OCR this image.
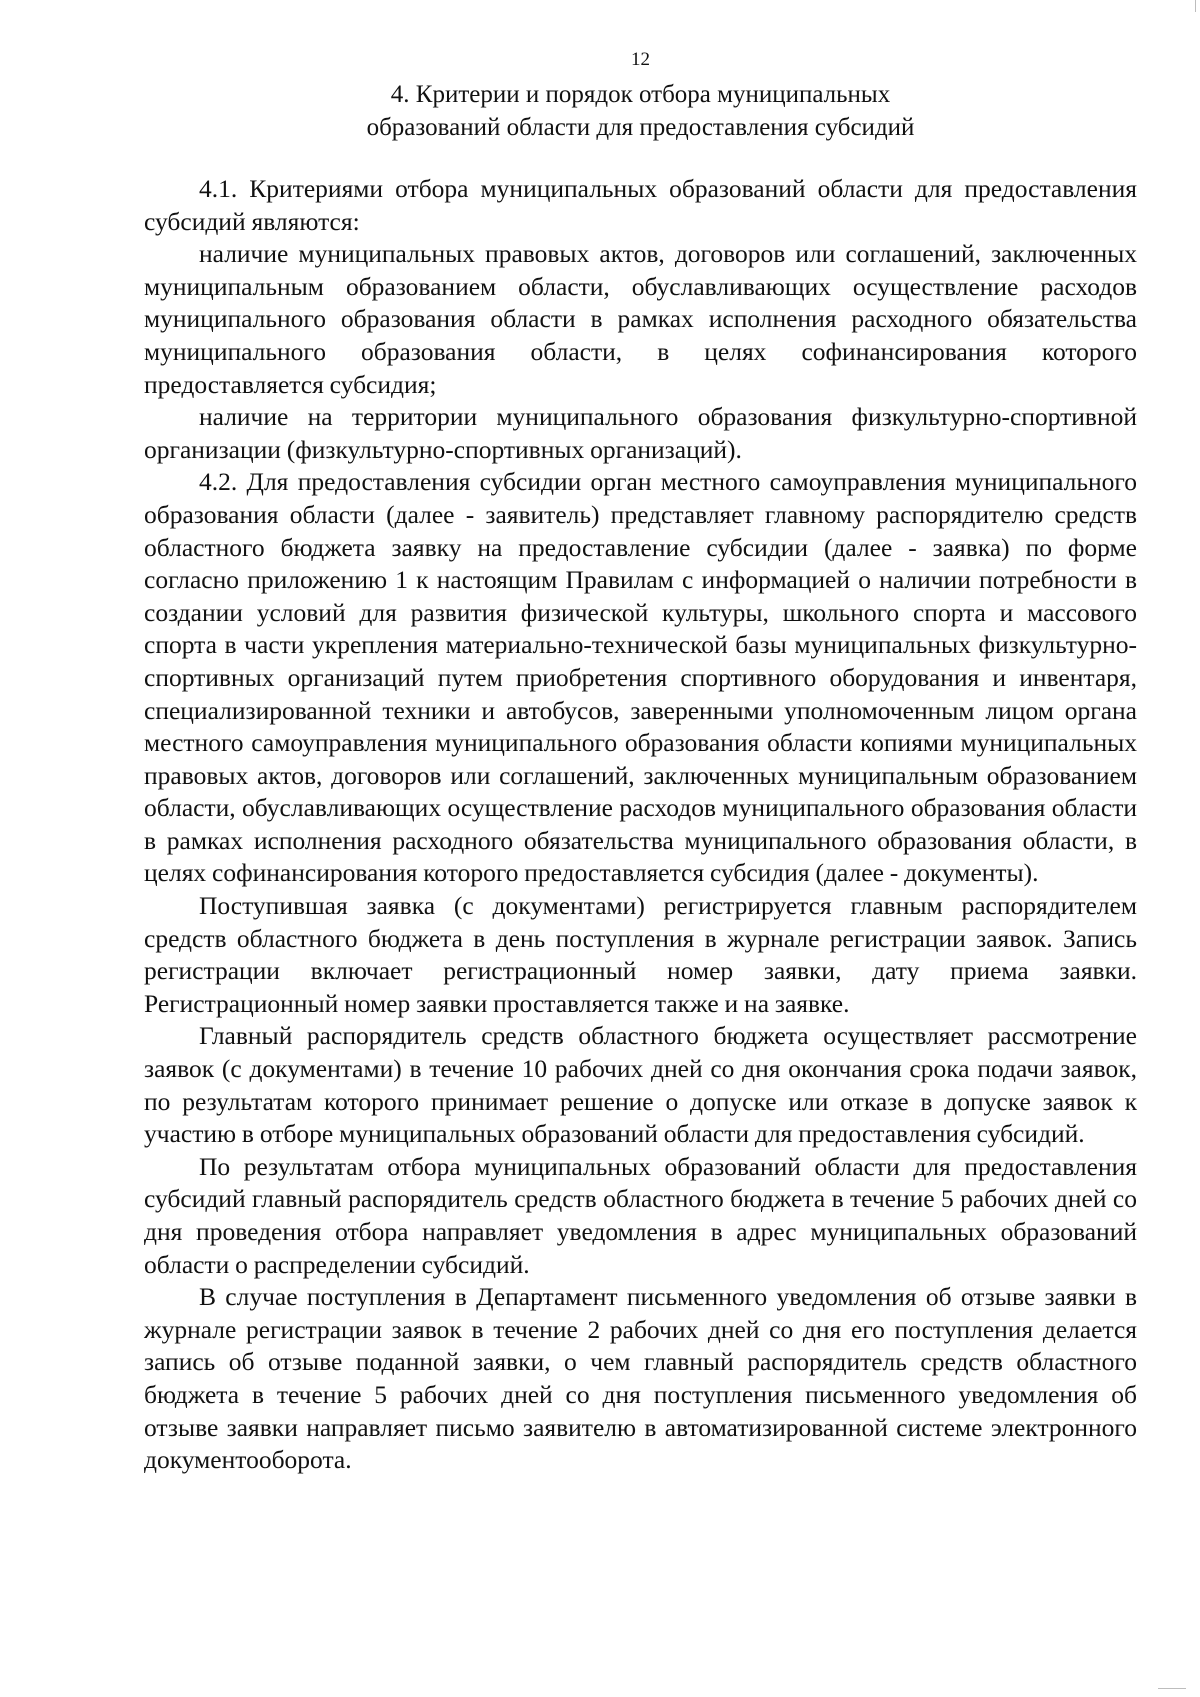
12
4. Критерии и порядок отбора муниципальных
образований области для предоставления субсидий

4.1. Критериями отбора муниципальных образований области для предоставления субсидий являются:

наличие муниципальных правовых актов, договоров или соглашений, заключенных муниципальным образованием области, обуславливающих осуществление расходов муниципального образования области в рамках исполнения расходного обязательства муниципального образования области, в целях софинансирования которого предоставляется субсидия;

наличие на территории муниципального образования физкультурно-спортивной организации (физкультурно-спортивных организаций).

4.2. Для предоставления субсидии орган местного самоуправления муниципального образования области (далее - заявитель) представляет главному распорядителю средств областного бюджета заявку на предоставление субсидии (далее - заявка) по форме согласно приложению 1 к настоящим Правилам с информацией о наличии потребности в создании условий для развития физической культуры, школьного спорта и массового спорта в части укрепления материально-технической базы муниципальных физкультурно-спортивных организаций путем приобретения спортивного оборудования и инвентаря, специализированной техники и автобусов, заверенными уполномоченным лицом органа местного самоуправления муниципального образования области копиями муниципальных правовых актов, договоров или соглашений, заключенных муниципальным образованием области, обуславливающих осуществление расходов муниципального образования области в рамках исполнения расходного обязательства муниципального образования области, в целях софинансирования которого предоставляется субсидия (далее - документы).

Поступившая заявка (с документами) регистрируется главным распорядителем средств областного бюджета в день поступления в журнале регистрации заявок. Запись регистрации включает регистрационный номер заявки, дату приема заявки. Регистрационный номер заявки проставляется также и на заявке.

Главный распорядитель средств областного бюджета осуществляет рассмотрение заявок (с документами) в течение 10 рабочих дней со дня окончания срока подачи заявок, по результатам которого принимает решение о допуске или отказе в допуске заявок к участию в отборе муниципальных образований области для предоставления субсидий.

По результатам отбора муниципальных образований области для предоставления субсидий главный распорядитель средств областного бюджета в течение 5 рабочих дней со дня проведения отбора направляет уведомления в адрес муниципальных образований области о распределении субсидий.

В случае поступления в Департамент письменного уведомления об отзыве заявки в журнале регистрации заявок в течение 2 рабочих дней со дня его поступления делается запись об отзыве поданной заявки, о чем главный распорядитель средств областного бюджета в течение 5 рабочих дней со дня поступления письменного уведомления об отзыве заявки направляет письмо заявителю в автоматизированной системе электронного документооборота.
